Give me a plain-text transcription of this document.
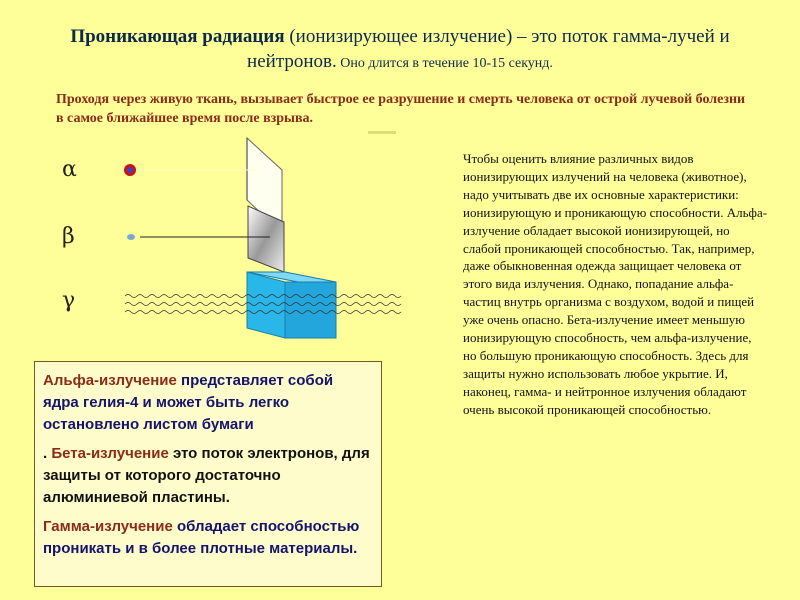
Проникающая радиация (ионизирующее излучение) – это поток гамма-лучей и нейтронов. Оно длится в течение 10-15 секунд.
Проходя через живую ткань, вызывает быстрое ее разрушение и смерть человека от острой лучевой болезни в самое ближайшее время после взрыва.
α
β
γ
Чтобы оценить влияние различных видов ионизирующих излучений на человека (животное), надо учитывать две их основные характеристики: ионизирующую и проникающую способности. Альфа-излучение обладает высокой ионизирующей, но слабой проникающей способностью. Так, например, даже обыкновенная одежда защищает человека от этого вида излучения. Однако, попадание альфа-частиц внутрь организма с воздухом, водой и пищей уже очень опасно. Бета-излучение имеет меньшую ионизирующую способность, чем альфа-излучение, но большую проникающую способность. Здесь для защиты нужно использовать любое укрытие. И, наконец, гамма- и нейтронное излучения обладают очень высокой проникающей способностью.

Альфа-излучение представляет собой ядра гелия-4 и может быть легко остановлено листом бумаги

. Бета-излучение это поток электронов, для защиты от которого достаточно алюминиевой пластины.

Гамма-излучение обладает способностью проникать и в более плотные материалы.
